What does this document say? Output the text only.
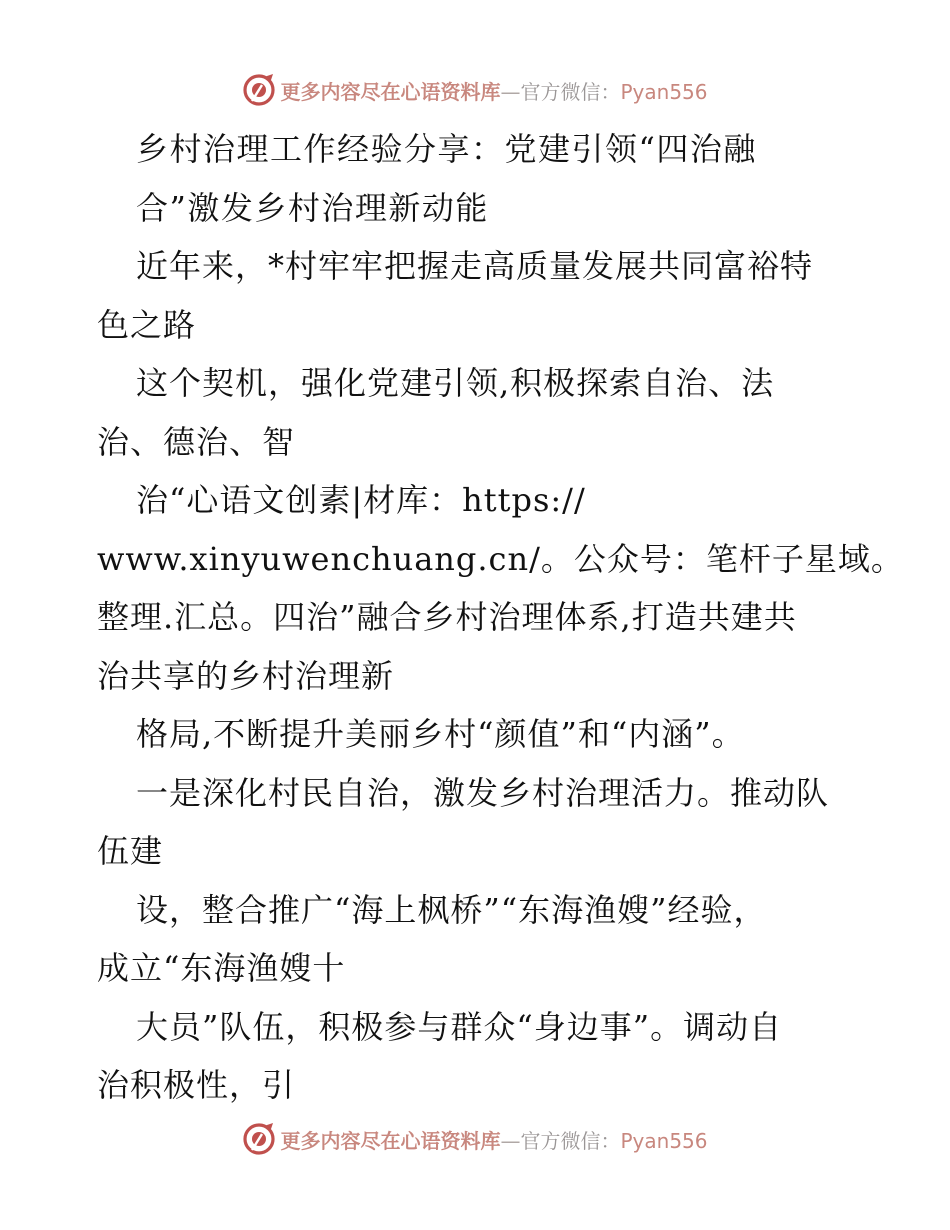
更多内容尽在心语资料库—官方微信：Pyan556
乡村治理工作经验分享：党建引领“四治融
合”激发乡村治理新动能
近年来，*村牢牢把握走高质量发展共同富裕特
色之路
这个契机，强化党建引领,积极探索自治、法
治、德治、智
治“心语文创素|材库：https://
www.xinyuwenchuang.cn/。公众号：笔杆子星域。
整理.汇总。四治”融合乡村治理体系,打造共建共
治共享的乡村治理新
格局,不断提升美丽乡村“颜值”和“内涵”。
一是深化村民自治，激发乡村治理活力。推动队
伍建
设，整合推广“海上枫桥”“东海渔嫂”经验，
成立“东海渔嫂十
大员”队伍，积极参与群众“身边事”。调动自
治积极性，引
更多内容尽在心语资料库—官方微信：Pyan556
